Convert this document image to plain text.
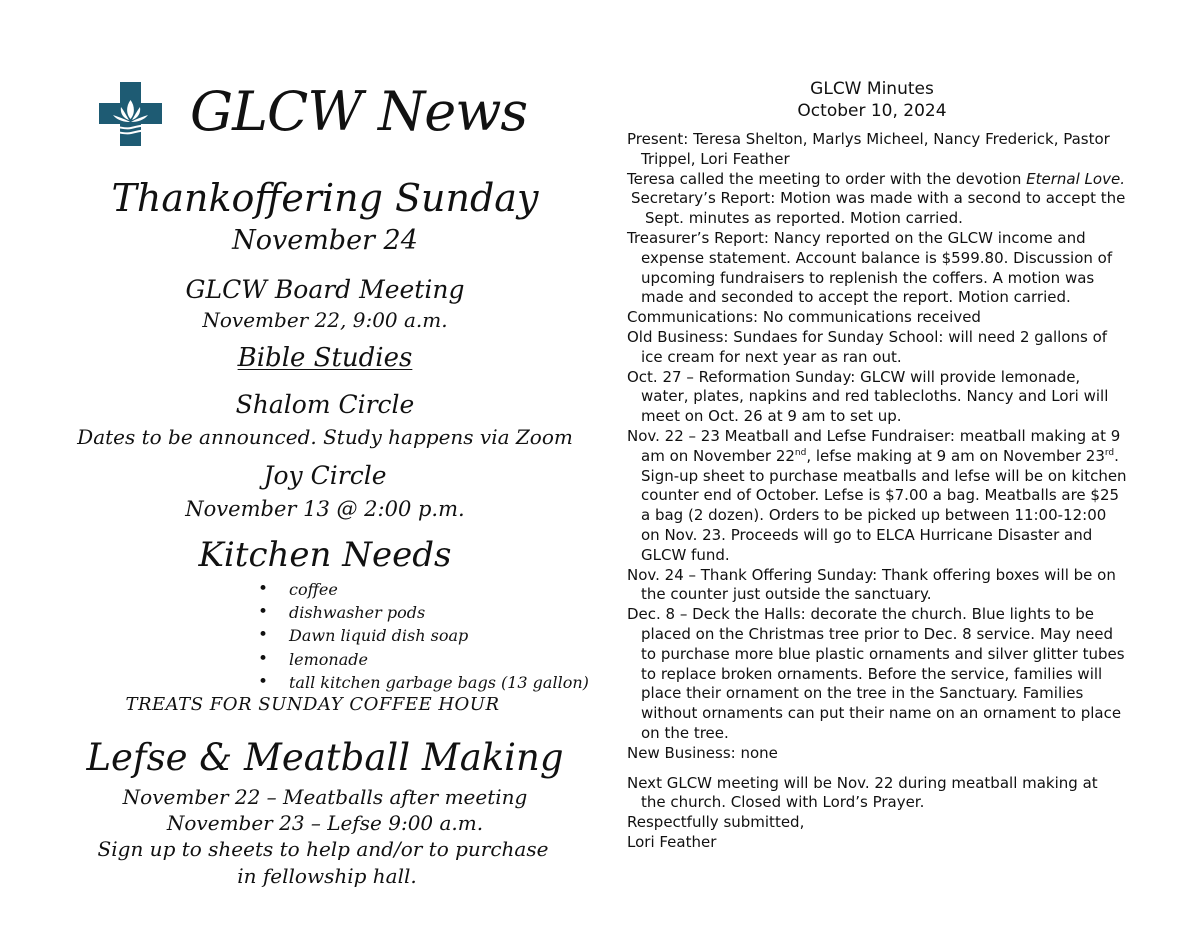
GLCW News
Thankoffering Sunday
November 24
GLCW Board Meeting
November 22, 9:00 a.m.
Bible Studies
Shalom Circle
Dates to be announced. Study happens via Zoom
Joy Circle
November 13 @ 2:00 p.m.
Kitchen Needs
• coffee
• dishwasher pods
• Dawn liquid dish soap
• lemonade
• tall kitchen garbage bags (13 gallon)
TREATS FOR SUNDAY COFFEE HOUR
Lefse & Meatball Making
November 22 – Meatballs after meeting
November 23 – Lefse 9:00 a.m.
Sign up to sheets to help and/or to purchase
in fellowship hall.
GLCW Minutes
October 10, 2024

Present: Teresa Shelton, Marlys Micheel, Nancy Frederick, Pastor Trippel, Lori Feather

Teresa called the meeting to order with the devotion Eternal Love.

Secretary’s Report: Motion was made with a second to accept the Sept. minutes as reported. Motion carried.

Treasurer’s Report: Nancy reported on the GLCW income and expense statement. Account balance is $599.80. Discussion of upcoming fundraisers to replenish the coffers. A motion was made and seconded to accept the report. Motion carried.

Communications: No communications received

Old Business: Sundaes for Sunday School: will need 2 gallons of ice cream for next year as ran out.

Oct. 27 – Reformation Sunday: GLCW will provide lemonade, water, plates, napkins and red tablecloths. Nancy and Lori will meet on Oct. 26 at 9 am to set up.

Nov. 22 – 23 Meatball and Lefse Fundraiser: meatball making at 9 am on November 22nd, lefse making at 9 am on November 23rd. Sign-up sheet to purchase meatballs and lefse will be on kitchen counter end of October. Lefse is $7.00 a bag. Meatballs are $25 a bag (2 dozen). Orders to be picked up between 11:00-12:00 on Nov. 23. Proceeds will go to ELCA Hurricane Disaster and GLCW fund.

Nov. 24 – Thank Offering Sunday: Thank offering boxes will be on the counter just outside the sanctuary.

Dec. 8 – Deck the Halls: decorate the church. Blue lights to be placed on the Christmas tree prior to Dec. 8 service. May need to purchase more blue plastic ornaments and silver glitter tubes to replace broken ornaments. Before the service, families will place their ornament on the tree in the Sanctuary. Families without ornaments can put their name on an ornament to place on the tree.

New Business: none

Next GLCW meeting will be Nov. 22 during meatball making at the church. Closed with Lord’s Prayer.

Respectfully submitted,

Lori Feather
